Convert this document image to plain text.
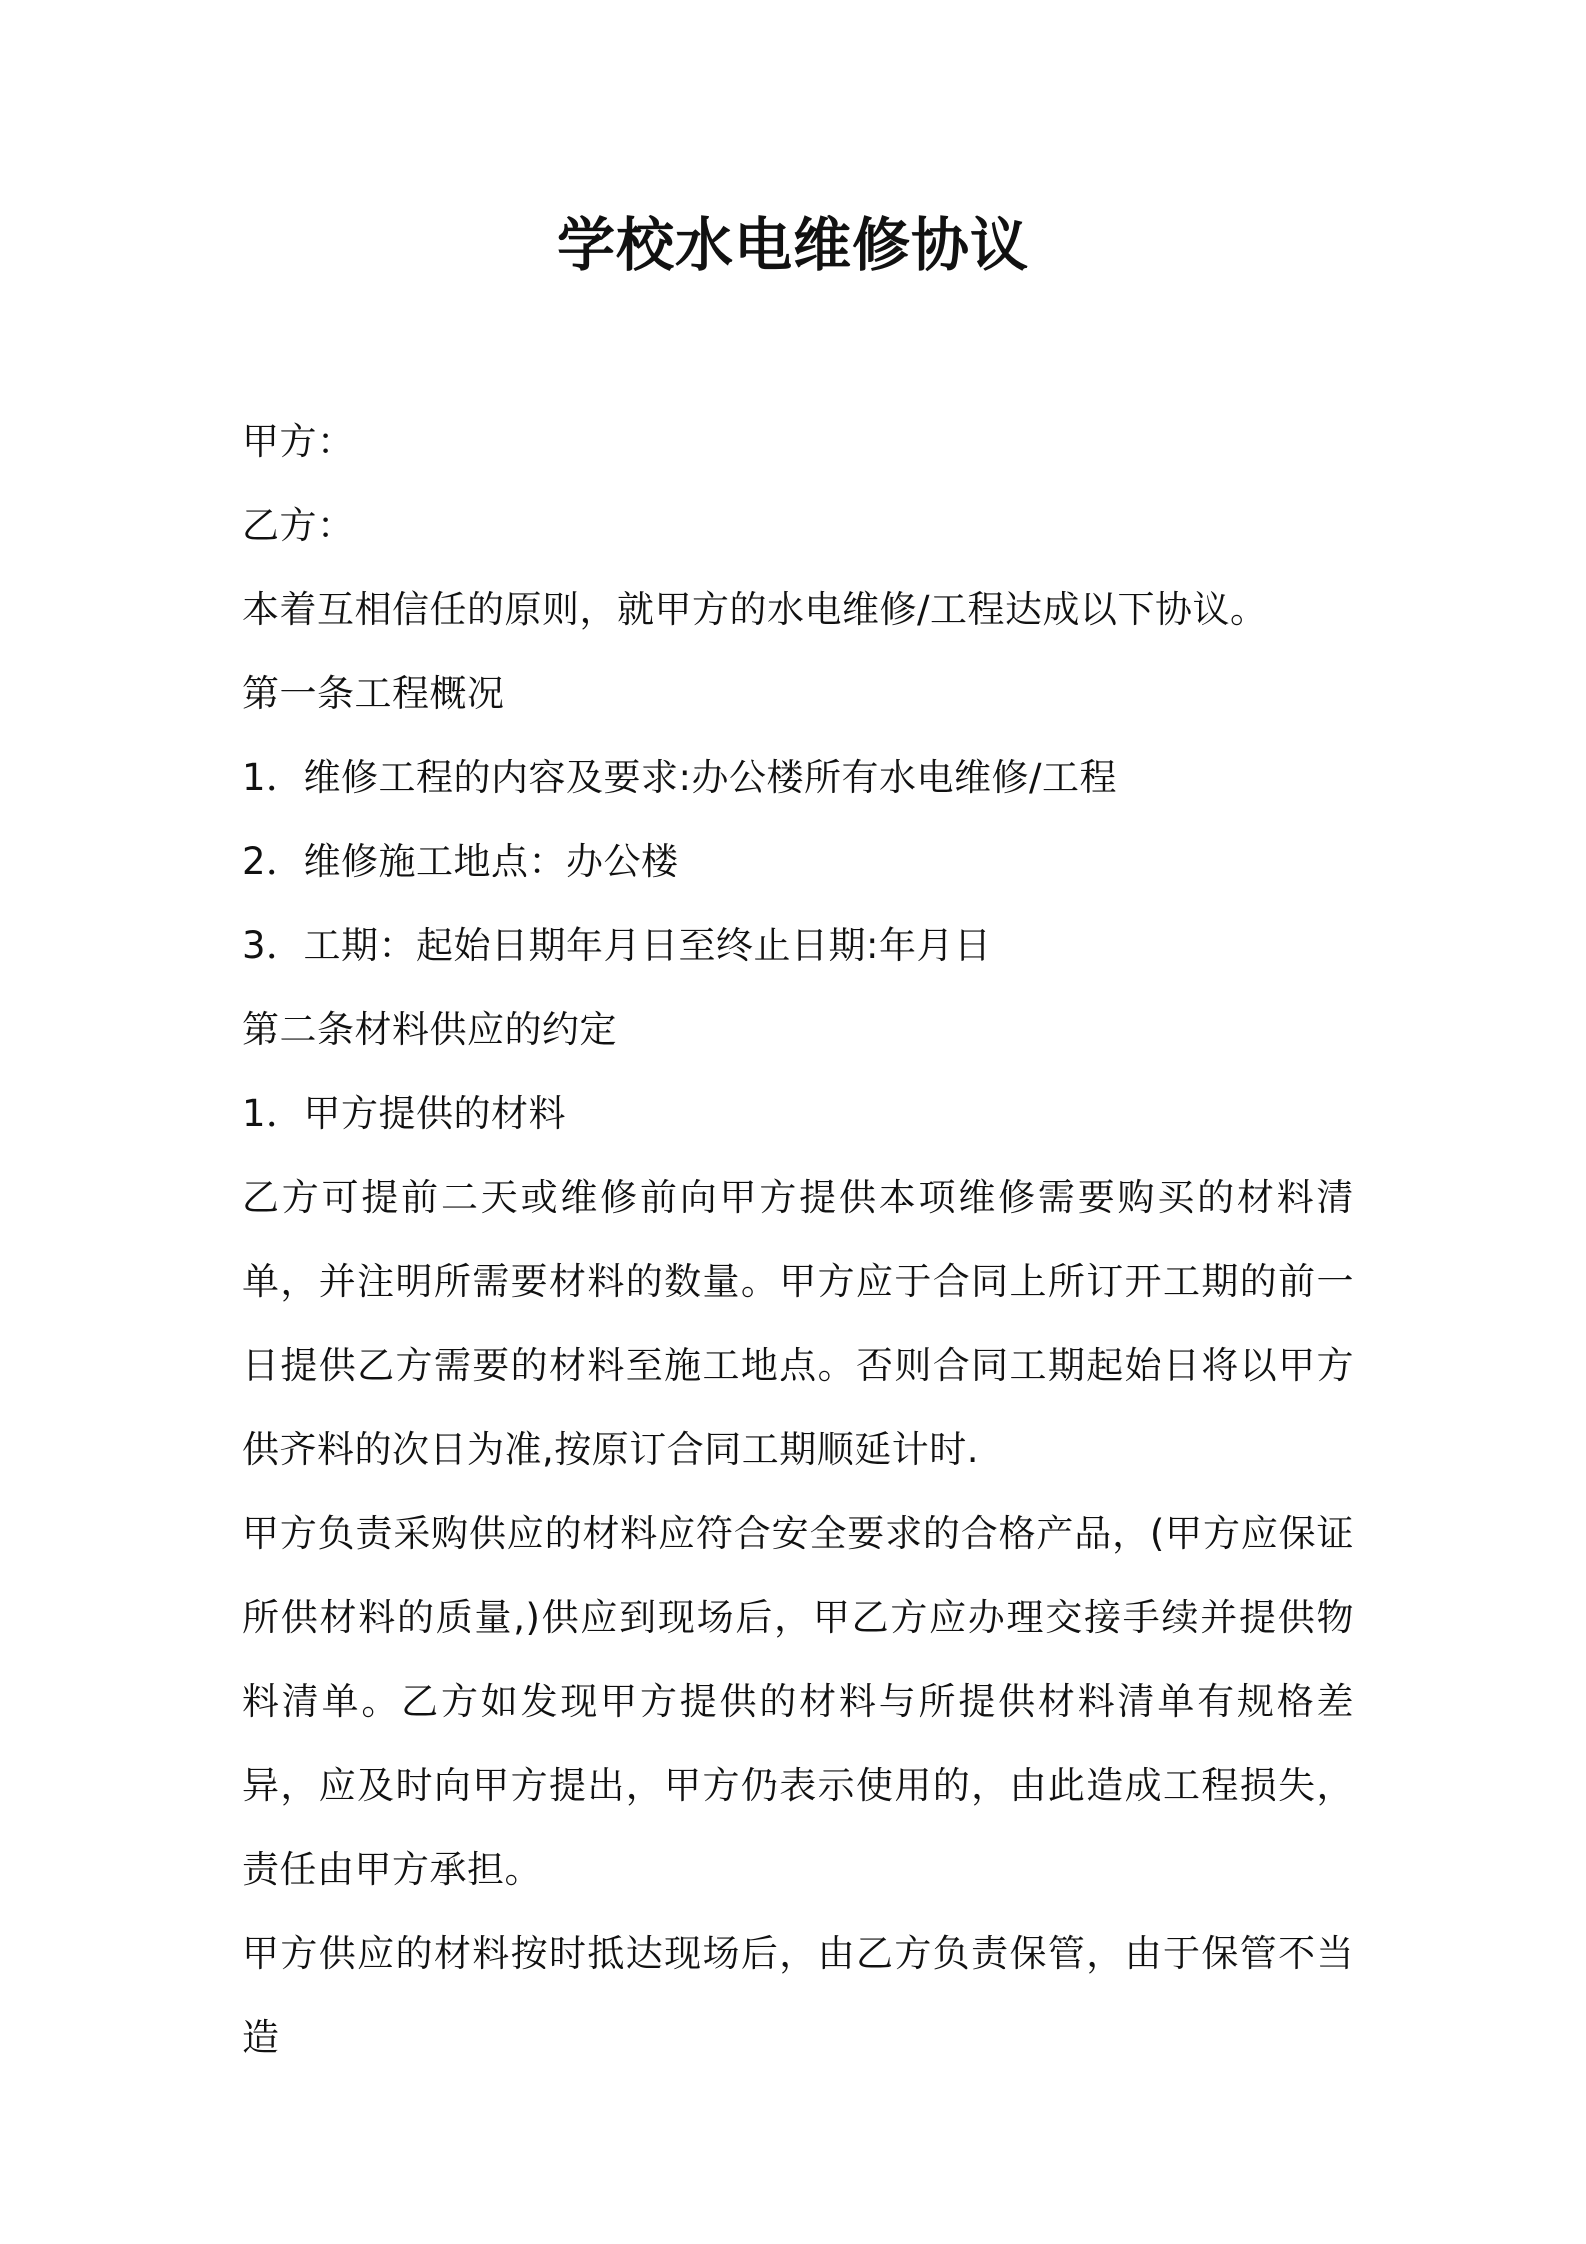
学校水电维修协议
甲方：
乙方：
本着互相信任的原则，就甲方的水电维修/工程达成以下协议。
第一条工程概况
1．维修工程的内容及要求:办公楼所有水电维修/工程
2．维修施工地点：办公楼
3．工期：起始日期年月日至终止日期:年月日
第二条材料供应的约定
1．甲方提供的材料

乙方可提前二天或维修前向甲方提供本项维修需要购买的材料清单，并注明所需要材料的数量。甲方应于合同上所订开工期的前一日提供乙方需要的材料至施工地点。否则合同工期起始日将以甲方供齐料的次日为准,按原订合同工期顺延计时.

甲方负责采购供应的材料应符合安全要求的合格产品，(甲方应保证所供材料的质量,)供应到现场后，甲乙方应办理交接手续并提供物料清单。乙方如发现甲方提供的材料与所提供材料清单有规格差异，应及时向甲方提出，甲方仍表示使用的，由此造成工程损失，责任由甲方承担。

甲方供应的材料按时抵达现场后，由乙方负责保管，由于保管不当造
